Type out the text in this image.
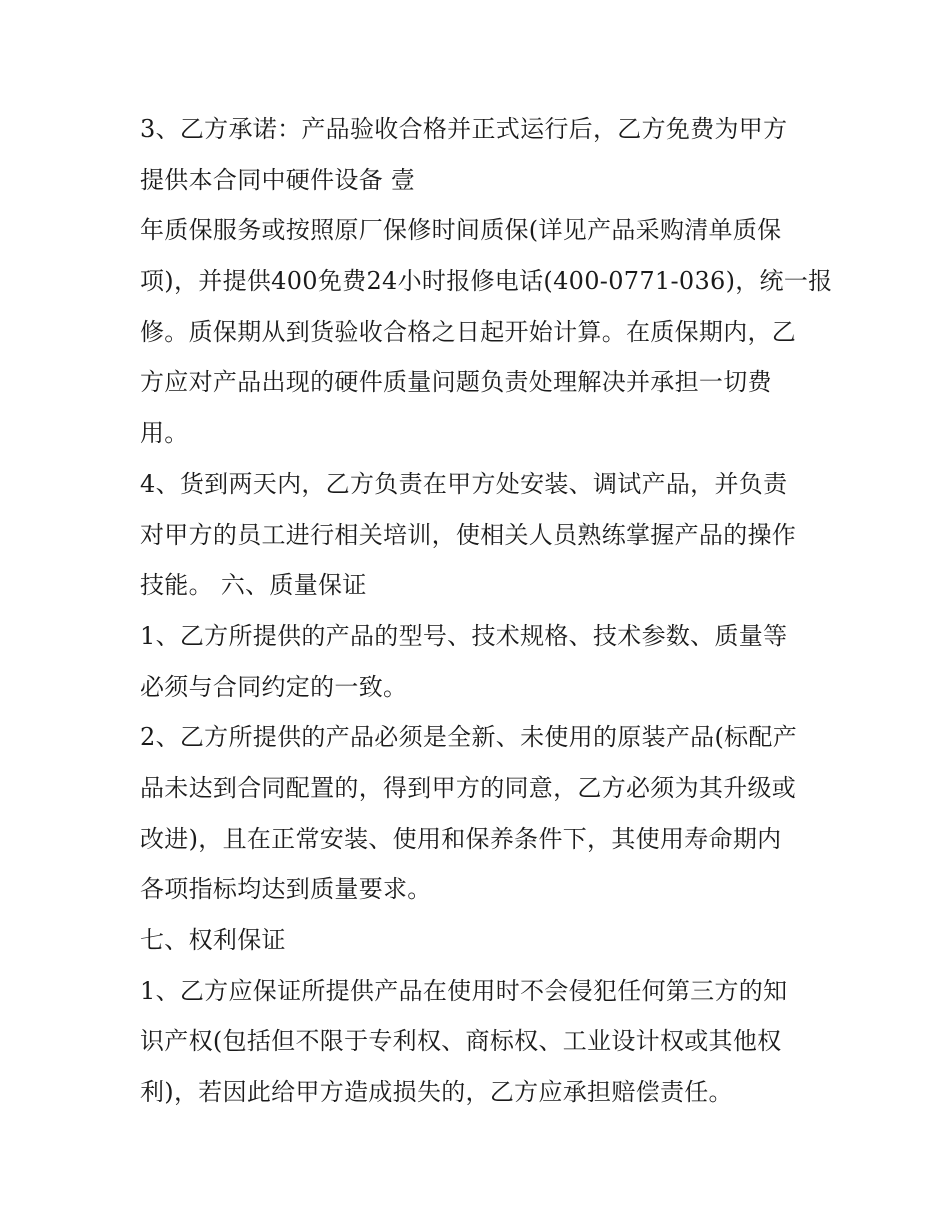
3、乙方承诺：产品验收合格并正式运行后，乙方免费为甲方
提供本合同中硬件设备 壹
年质保服务或按照原厂保修时间质保(详见产品采购清单质保
项)，并提供400免费24小时报修电话(400-0771-036)，统一报
修。质保期从到货验收合格之日起开始计算。在质保期内，乙
方应对产品出现的硬件质量问题负责处理解决并承担一切费
用。
4、货到两天内，乙方负责在甲方处安装、调试产品，并负责
对甲方的员工进行相关培训，使相关人员熟练掌握产品的操作
技能。 六、质量保证
1、乙方所提供的产品的型号、技术规格、技术参数、质量等
必须与合同约定的一致。
2、乙方所提供的产品必须是全新、未使用的原装产品(标配产
品未达到合同配置的，得到甲方的同意，乙方必须为其升级或
改进)，且在正常安装、使用和保养条件下，其使用寿命期内
各项指标均达到质量要求。
七、权利保证
1、乙方应保证所提供产品在使用时不会侵犯任何第三方的知
识产权(包括但不限于专利权、商标权、工业设计权或其他权
利)，若因此给甲方造成损失的，乙方应承担赔偿责任。
